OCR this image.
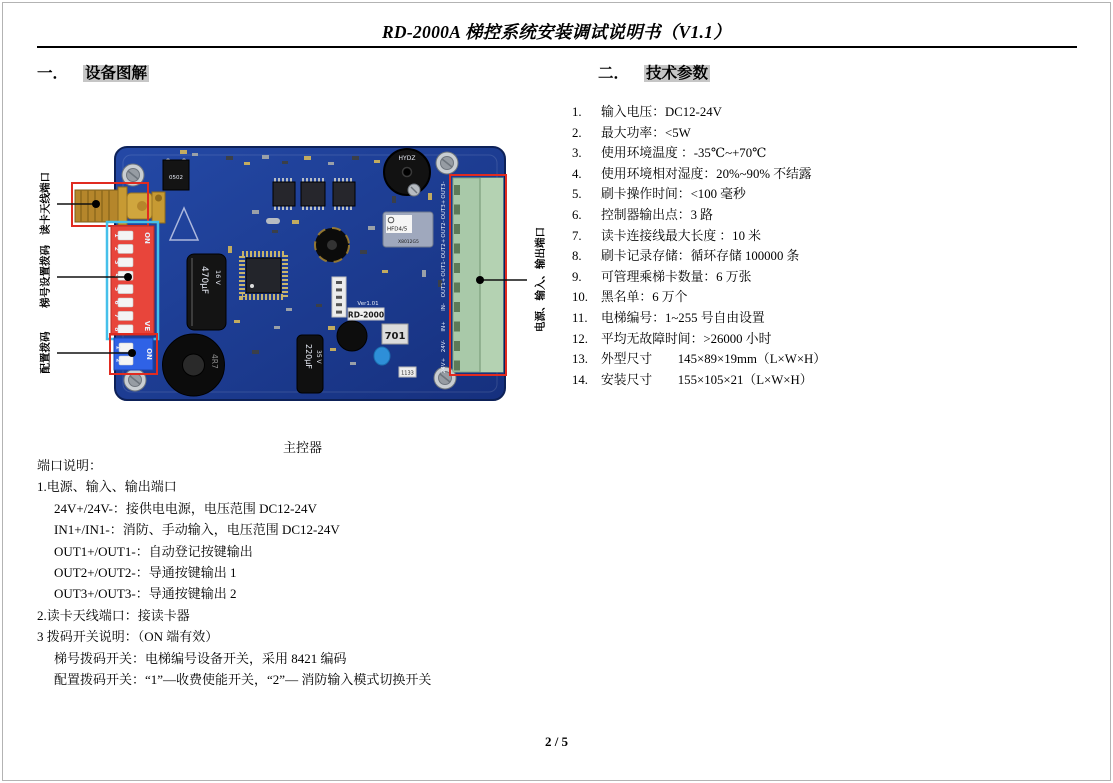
RD-2000A 梯控系统安装调试说明书（V1.1）
一． 设备图解	二． 技术参数
0502
1
2
3
4
5
6
7
8
ON
VE
1
2
ON
470μF 16 V
HYDZ
HFD4/5
X8012G5
Ver1.01
RD-2000
701
220μF 35 V
1133
4R7
OUT3-
OUT3+
OUT2-
OUT2+
OUT1-
OUT1+
IN-
IN+
24V-
24V+
读卡天线端口
梯号设置拨码
配置拨码
电源、输入、输出端口
主控器
1.	输入电压：DC12-24V
2.	最大功率：<5W
3.	使用环境温度 ：-35℃~+70℃
4.	使用环境相对湿度：20%~90% 不结露
5.	刷卡操作时间：<100 毫秒
6.	控制器输出点：3 路
7.	读卡连接线最大长度 ：10 米
8.	刷卡记录存储：循环存储 100000 条
9.	可管理乘梯卡数量：6 万张
10.	黑名单：6 万个
11.	电梯编号：1~255 号自由设置
12.	平均无故障时间：>26000 小时
13.	外型尺寸　　145×89×19mm（L×W×H）
14.	安装尺寸　　155×105×21（L×W×H）
端口说明：
1.电源、输入、输出端口
24V+/24V-：接供电电源，电压范围 DC12-24V
IN1+/IN1-：消防、手动输入，电压范围 DC12-24V
OUT1+/OUT1-：自动登记按键输出
OUT2+/OUT2-：导通按键输出 1
OUT3+/OUT3-：导通按键输出 2
2.读卡天线端口：接读卡器
3 拨码开关说明：（ON 端有效）
梯号拨码开关：电梯编号设备开关，采用 8421 编码
配置拨码开关：“1”—收费使能开关，“2”— 消防输入模式切换开关
2 / 5
